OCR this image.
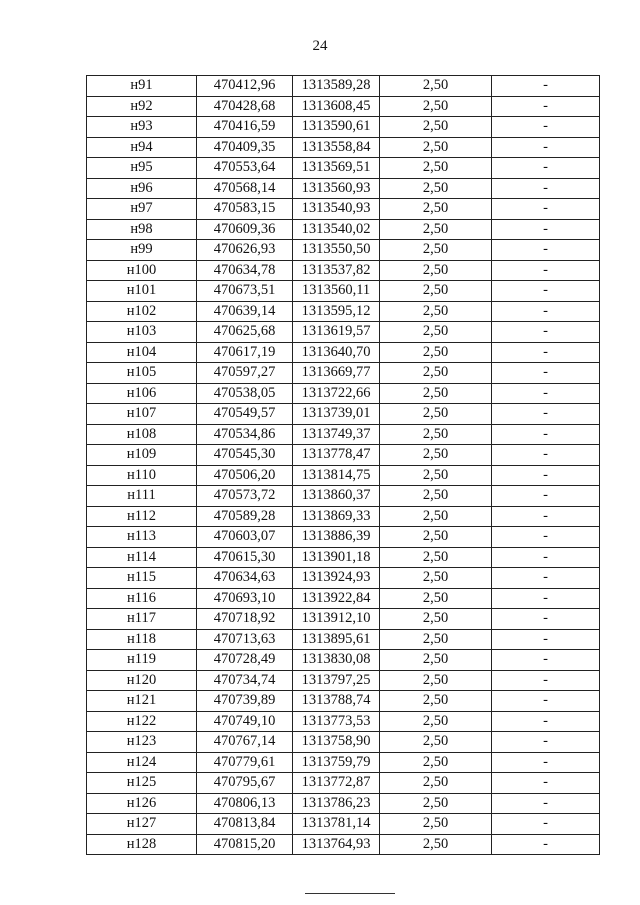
24
н91	470412,96	1313589,28	2,50	-
н92	470428,68	1313608,45	2,50	-
н93	470416,59	1313590,61	2,50	-
н94	470409,35	1313558,84	2,50	-
н95	470553,64	1313569,51	2,50	-
н96	470568,14	1313560,93	2,50	-
н97	470583,15	1313540,93	2,50	-
н98	470609,36	1313540,02	2,50	-
н99	470626,93	1313550,50	2,50	-
н100	470634,78	1313537,82	2,50	-
н101	470673,51	1313560,11	2,50	-
н102	470639,14	1313595,12	2,50	-
н103	470625,68	1313619,57	2,50	-
н104	470617,19	1313640,70	2,50	-
н105	470597,27	1313669,77	2,50	-
н106	470538,05	1313722,66	2,50	-
н107	470549,57	1313739,01	2,50	-
н108	470534,86	1313749,37	2,50	-
н109	470545,30	1313778,47	2,50	-
н110	470506,20	1313814,75	2,50	-
н111	470573,72	1313860,37	2,50	-
н112	470589,28	1313869,33	2,50	-
н113	470603,07	1313886,39	2,50	-
н114	470615,30	1313901,18	2,50	-
н115	470634,63	1313924,93	2,50	-
н116	470693,10	1313922,84	2,50	-
н117	470718,92	1313912,10	2,50	-
н118	470713,63	1313895,61	2,50	-
н119	470728,49	1313830,08	2,50	-
н120	470734,74	1313797,25	2,50	-
н121	470739,89	1313788,74	2,50	-
н122	470749,10	1313773,53	2,50	-
н123	470767,14	1313758,90	2,50	-
н124	470779,61	1313759,79	2,50	-
н125	470795,67	1313772,87	2,50	-
н126	470806,13	1313786,23	2,50	-
н127	470813,84	1313781,14	2,50	-
н128	470815,20	1313764,93	2,50	-
